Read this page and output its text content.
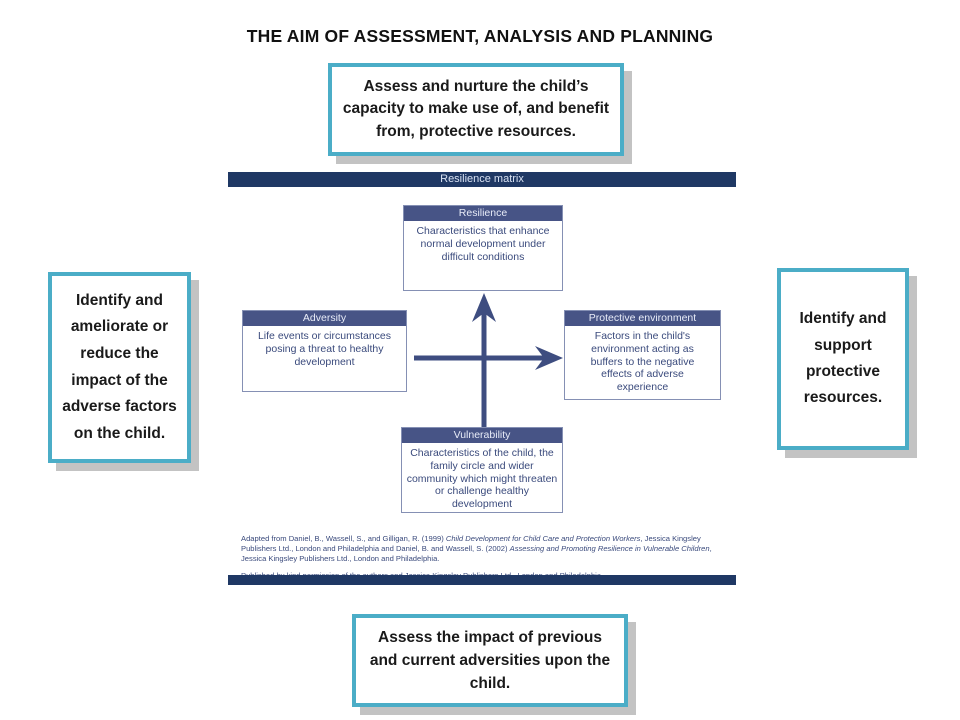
THE AIM OF ASSESSMENT, ANALYSIS AND PLANNING
Assess and nurture the child’s capacity to make use of, and benefit from, protective resources.
Identify and ameliorate or reduce the impact of the adverse factors on the child.
Identify and support protective resources.
Assess the impact of previous and current adversities upon the child.
Resilience matrix
Resilience
Characteristics that enhance normal development under difficult conditions
Adversity
Life events or circumstances posing a threat to healthy development
Protective environment
Factors in the child's environment acting as buffers to the negative effects of adverse experience
Vulnerability
Characteristics of the child, the family circle and wider community which might threaten or challenge healthy development
Adapted from Daniel, B., Wassell, S., and Gilligan, R. (1999) Child Development for Child Care and Protection Workers, Jessica Kingsley Publishers Ltd., London and Philadelphia and Daniel, B. and Wassell, S. (2002) Assessing and Promoting Resilience in Vulnerable Children, Jessica Kingsley Publishers Ltd., London and Philadelphia.
